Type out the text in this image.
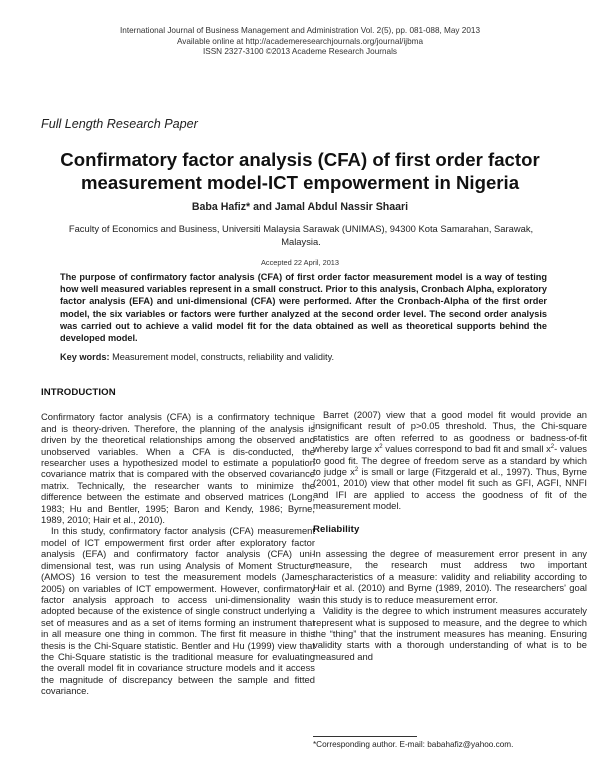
International Journal of Business Management and Administration Vol. 2(5), pp. 081-088, May 2013
Available online at http://academeresearchjournals.org/journal/ijbma
ISSN 2327-3100 ©2013 Academe Research Journals
Full Length Research Paper
Confirmatory factor analysis (CFA) of first order factor
measurement model-ICT empowerment in Nigeria
Baba Hafiz* and Jamal Abdul Nassir Shaari
Faculty of Economics and Business, Universiti Malaysia Sarawak (UNIMAS), 94300 Kota Samarahan, Sarawak, Malaysia.
Accepted 22 April, 2013
The purpose of confirmatory factor analysis (CFA) of first order factor measurement model is a way of testing how well measured variables represent in a small construct. Prior to this analysis, Cronbach Alpha, exploratory factor analysis (EFA) and uni-dimensional (CFA) were performed. After the Cronbach-Alpha of the first order model, the six variables or factors were further analyzed at the second order level. The second order analysis was carried out to achieve a valid model fit for the data obtained as well as theoretical supports behind the developed model.
Key words: Measurement model, constructs, reliability and validity.

INTRODUCTION

Confirmatory factor analysis (CFA) is a confirmatory technique and is theory-driven. Therefore, the planning of the analysis is driven by the theoretical relationships among the observed and unobserved variables. When a CFA is dis-conducted, the researcher uses a hypothesized model to estimate a population covariance matrix that is compared with the observed covariance matrix. Technically, the researcher wants to minimize the difference between the estimate and observed matrices (Long, 1983; Hu and Bentler, 1995; Baron and Kendy, 1986; Byrne, 1989, 2010; Hair et al., 2010).

In this study, confirmatory factor analysis (CFA) measurement model of ICT empowerment first order after exploratory factor analysis (EFA) and confirmatory factor analysis (CFA) uni-dimensional test, was run using Analysis of Moment Structure (AMOS) 16 version to test the measurement models (James, 2005) on variables of ICT empowerment. However, confirmatory factor analysis approach to access uni-dimensionality was adopted because of the existence of single construct underlying a set of measures and as a set of items forming an instrument that in all measure one thing in common. The first fit measure in this thesis is the Chi-Square statistic. Bentler and Hu (1999) view that the Chi-Square statistic is the traditional measure for evaluating the overall model fit in covariance structure models and it access the magnitude of discrepancy between the sample and fitted covariance.

Barret (2007) view that a good model fit would provide an insignificant result of p>0.05 threshold. Thus, the Chi-square statistics are often referred to as goodness or badness-of-fit whereby large $x^2$ values correspond to bad fit and small $x^2-$ values to good fit. The degree of freedom serve as a standard by which to judge $x^2$ is small or large (Fitzgerald et al., 1997). Thus, Byrne (2001, 2010) view that other model fit such as GFI, AGFI, NNFI and IFI are applied to access the goodness of fit of the measurement model.

Reliability

In assessing the degree of measurement error present in any measure, the research must address two important characteristics of a measure: validity and reliability according to Hair et al. (2010) and Byrne (1989, 2010). The researchers' goal in this study is to reduce measurement error.

Validity is the degree to which instrument measures accurately represent what is supposed to measure, and the degree to which the “thing” that the instrument measures has meaning. Ensuring validity starts with a thorough understanding of what is to be measured and

*Corresponding author. E-mail: babahafiz@yahoo.com.
